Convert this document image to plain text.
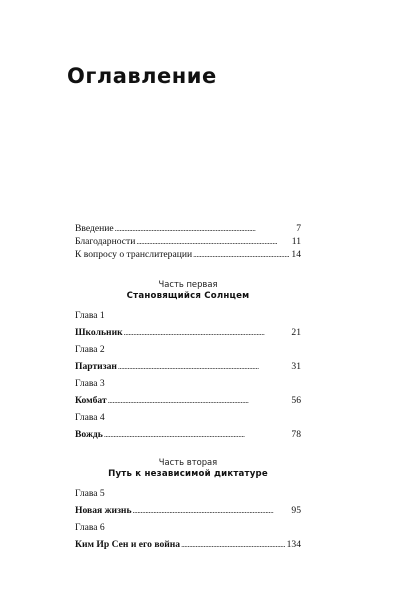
Оглавление
Введение . . .	7
Благодарности . . .	11
К вопросу о транслитерации . . .	14
Часть первая
Становящийся Солнцем
Глава 1
Школьник . . .	21
Глава 2
Партизан . . .	31
Глава 3
Комбат . . .	56
Глава 4
Вождь . . .	78
Часть вторая
Путь к независимой диктатуре
Глава 5
Новая жизнь . . .	95
Глава 6
Ким Ир Сен и его война . . .	134
